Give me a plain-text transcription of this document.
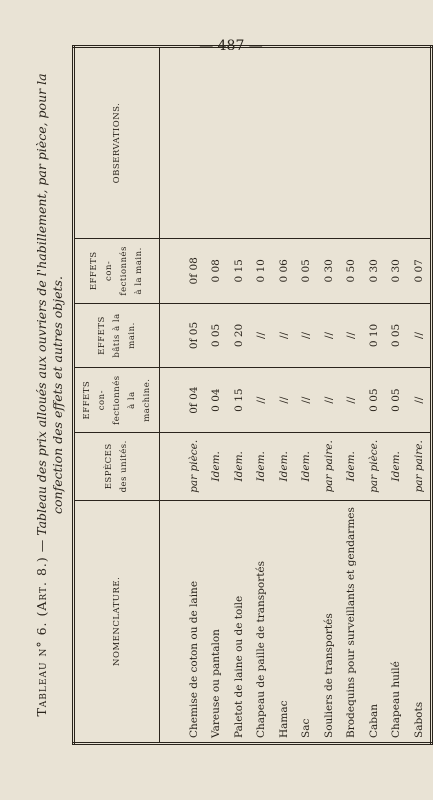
— 487 —
Tableau n° 6. (Art. 8.) — Tableau des prix alloués aux ouvriers de l'habillement, par pièce, pour la confection des effets et autres objets.
NOMENCLATURE.	ESPÈCES des unités.	EFFETS con- fectionnés à la machine.	EFFETS bâtis à la main.	EFFETS con- fectionnés à la main.	OBSERVATIONS.

Chemise de coton ou de laine	par pièce.	0f 04	0f 05	0f 08	
Vareuse ou pantalon	Idem.	0 04	0 05	0 08	
Paletot de laine ou de toile	Idem.	0 15	0 20	0 15	
Chapeau de paille de transportés	Idem.	//	//	0 10	
Hamac	Idem.	//	//	0 06	
Sac	Idem.	//	//	0 05	
Souliers de transportés	par paire.	//	//	0 30	
Brodequins pour surveillants et gendarmes	Idem.	//	//	0 50	
Caban	par pièce.	0 05	0 10	0 30	
Chapeau huilé	Idem.	0 05	0 05	0 30	
Sabots	par paire.	//	//	0 07	
